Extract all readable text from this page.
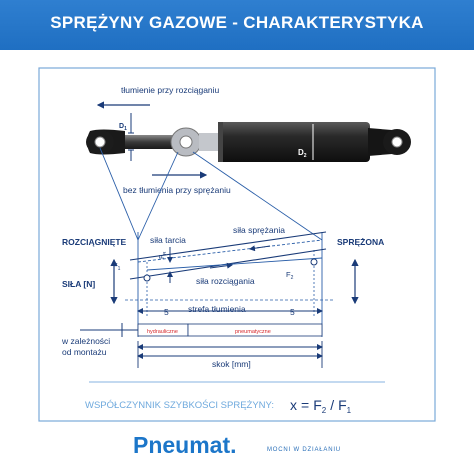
SPRĘŻYNY GAZOWE - CHARAKTERYSTYKA
$D_1$
$D_2$
tłumienie przy rozciąganiu
bez tłumienia przy sprężaniu
ROZCIĄGNIĘTE	SPRĘŻONA
SIŁA [N]
siła tarcia
siła sprężania
siła rozciągania
$F_1$
$F_2$
$F_R$
5	5
strefa tłumienia
hydrauliczne	pneumatyczne
w zależności
od montażu
skok [mm]
WSPÓŁCZYNNIK SZYBKOŚCI SPRĘŻYNY: $x = F_2 / F_1$
Pneumat.	MOCNI W DZIAŁANIU
